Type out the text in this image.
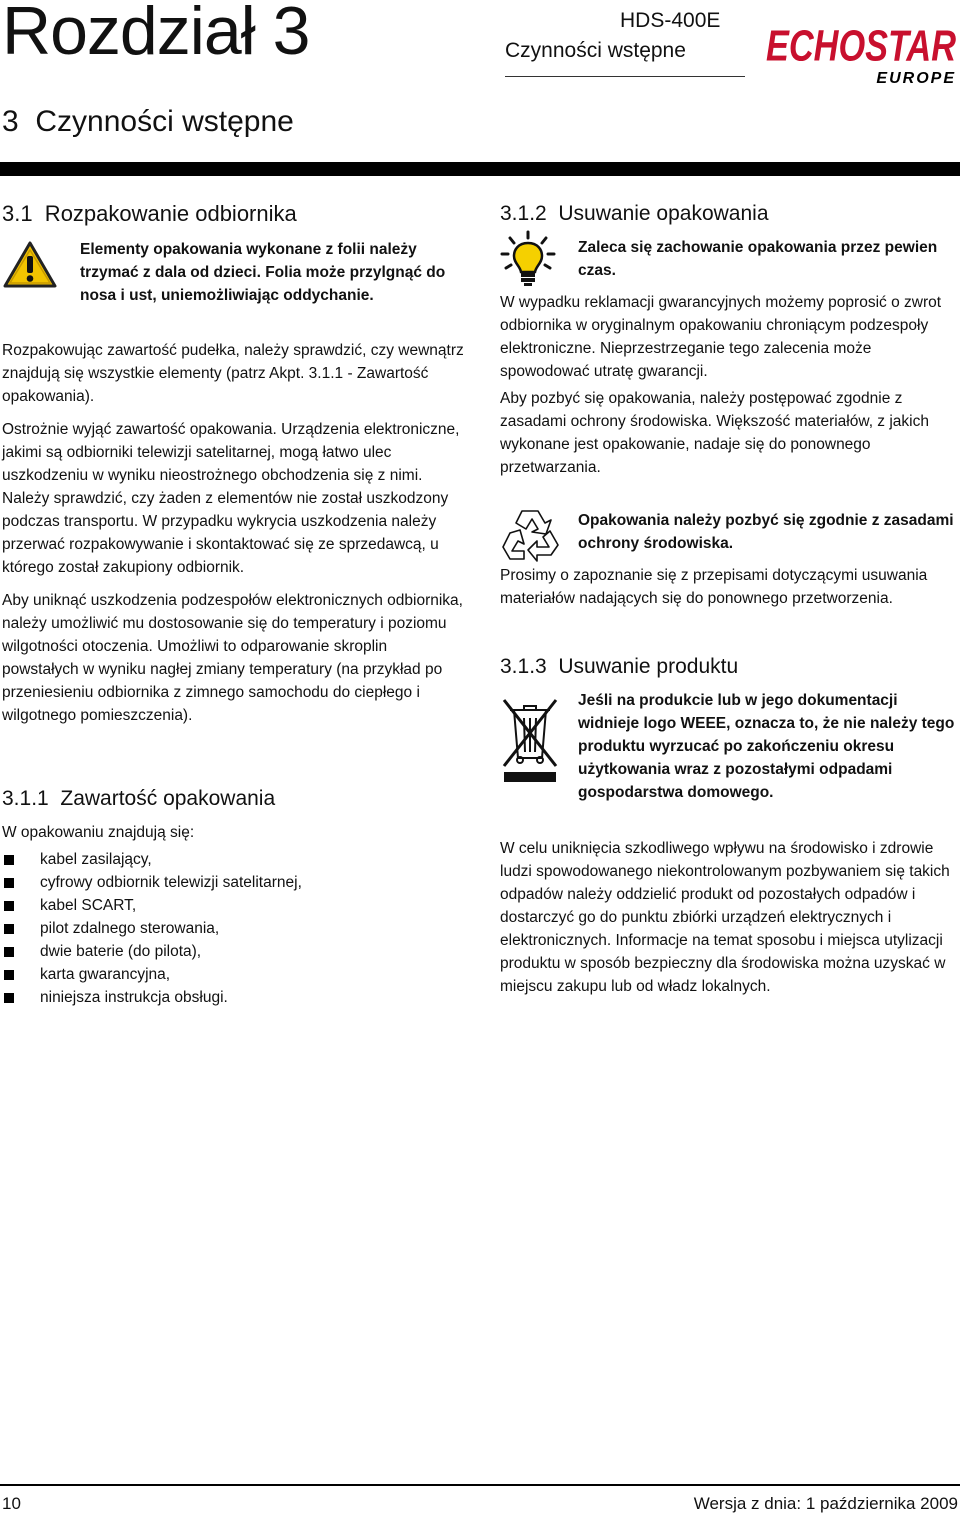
Rozdział 3	HDS-400E
Czynności wstępne ECHOSTAR
EUROPE
3  Czynności wstępne
3.1  Rozpakowanie odbiornika
Elementy opakowania wykonane z folii należy trzymać z dala od dzieci. Folia może przylgnąć do nosa i ust, uniemożliwiając oddychanie.

Rozpakowując zawartość pudełka, należy sprawdzić, czy wewnątrz znajdują się wszystkie elementy (patrz Akpt. 3.1.1 - Zawartość opakowania).

Ostrożnie wyjąć zawartość opakowania. Urządzenia elektroniczne, jakimi są odbiorniki telewizji satelitarnej, mogą łatwo ulec uszkodzeniu w wyniku nieostrożnego obchodzenia się z nimi. Należy sprawdzić, czy żaden z elementów nie został uszkodzony podczas transportu. W przypadku wykrycia uszkodzenia należy przerwać rozpakowywanie i skontaktować się ze sprzedawcą, u którego został zakupiony odbiornik.

Aby uniknąć uszkodzenia podzespołów elektronicznych odbiornika, należy umożliwić mu dostosowanie się do temperatury i poziomu wilgotności otoczenia. Umożliwi to odparowanie skroplin powstałych w wyniku nagłej zmiany temperatury (na przykład po przeniesieniu odbiornika z zimnego samochodu do ciepłego i wilgotnego pomieszczenia).

3.1.1  Zawartość opakowania
W opakowaniu znajdują się:
kabel zasilający,
cyfrowy odbiornik telewizji satelitarnej,
kabel SCART,
pilot zdalnego sterowania,
dwie baterie (do pilota),
karta gwarancyjna,
niniejsza instrukcja obsługi.
3.1.2  Usuwanie opakowania
Zaleca się zachowanie opakowania przez pewien czas.

W wypadku reklamacji gwarancyjnych możemy poprosić o zwrot odbiornika w oryginalnym opakowaniu chroniącym podzespoły elektroniczne. Nieprzestrzeganie tego zalecenia może spowodować utratę gwarancji.

Aby pozbyć się opakowania, należy postępować zgodnie z zasadami ochrony środowiska. Większość materiałów, z jakich wykonane jest opakowanie, nadaje się do ponownego przetwarzania.

Opakowania należy pozbyć się zgodnie z zasadami ochrony środowiska.
Prosimy o zapoznanie się z przepisami dotyczącymi usuwania materiałów nadających się do ponownego przetworzenia.
3.1.3  Usuwanie produktu
Jeśli na produkcie lub w jego dokumentacji widnieje logo WEEE, oznacza to, że nie należy tego produktu wyrzucać po zakończeniu okresu użytkowania wraz z pozostałymi odpadami gospodarstwa domowego.
W celu uniknięcia szkodliwego wpływu na środowisko i zdrowie ludzi spowodowanego niekontrolowanym pozbywaniem się takich odpadów należy oddzielić produkt od pozostałych odpadów i dostarczyć go do punktu zbiórki urządzeń elektrycznych i elektronicznych. Informacje na temat sposobu i miejsca utylizacji produktu w sposób bezpieczny dla środowiska można uzyskać w miejscu zakupu lub od władz lokalnych.
10	Wersja z dnia: 1 października 2009
